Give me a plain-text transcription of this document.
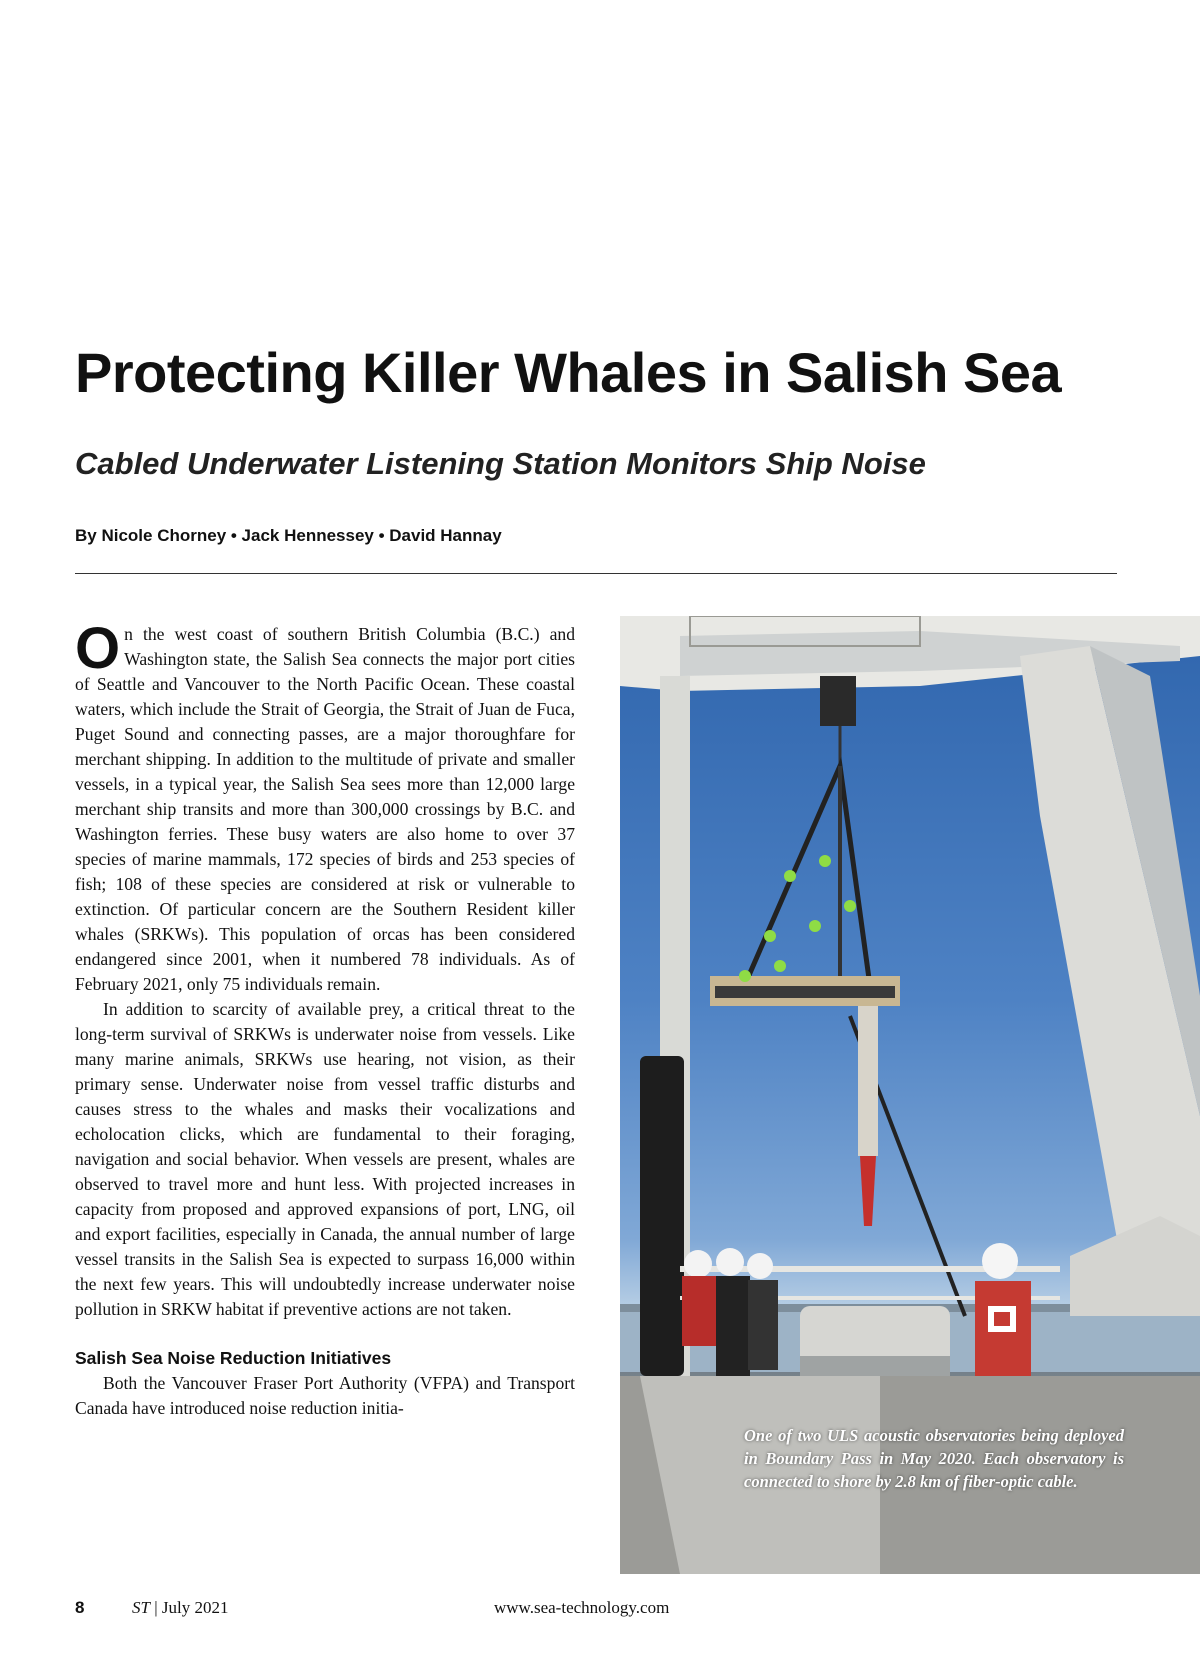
Protecting Killer Whales in Salish Sea
Cabled Underwater Listening Station Monitors Ship Noise
By Nicole Chorney • Jack Hennessey • David Hannay

On the west coast of southern British Columbia (B.C.) and Washington state, the Salish Sea connects the major port cities of Seattle and Vancouver to the North Pacific Ocean. These coastal waters, which include the Strait of Georgia, the Strait of Juan de Fuca, Puget Sound and connecting passes, are a major thoroughfare for merchant shipping. In addition to the multitude of private and smaller vessels, in a typical year, the Salish Sea sees more than 12,000 large merchant ship transits and more than 300,000 crossings by B.C. and Washington ferries. These busy waters are also home to over 37 species of marine mammals, 172 species of birds and 253 species of fish; 108 of these species are considered at risk or vulnerable to extinction. Of particular concern are the Southern Resident killer whales (SRKWs). This population of orcas has been considered endangered since 2001, when it numbered 78 individuals. As of February 2021, only 75 individuals remain.

In addition to scarcity of available prey, a critical threat to the long-term survival of SRKWs is underwater noise from vessels. Like many marine animals, SRKWs use hearing, not vision, as their primary sense. Underwater noise from vessel traffic disturbs and causes stress to the whales and masks their vocalizations and echolocation clicks, which are fundamental to their foraging, navigation and social behavior. When vessels are present, whales are observed to travel more and hunt less. With projected increases in capacity from proposed and approved expansions of port, LNG, oil and export facilities, especially in Canada, the annual number of large vessel transits in the Salish Sea is expected to surpass 16,000 within the next few years. This will undoubtedly increase underwater noise pollution in SRKW habitat if preventive actions are not taken.

Salish Sea Noise Reduction Initiatives

Both the Vancouver Fraser Port Authority (VFPA) and Transport Canada have introduced noise reduction initia-

One of two ULS acoustic observatories being deployed in Boundary Pass in May 2020. Each observatory is connected to shore by 2.8 km of fiber-optic cable.
8	ST | July 2021	www.sea-technology.com
